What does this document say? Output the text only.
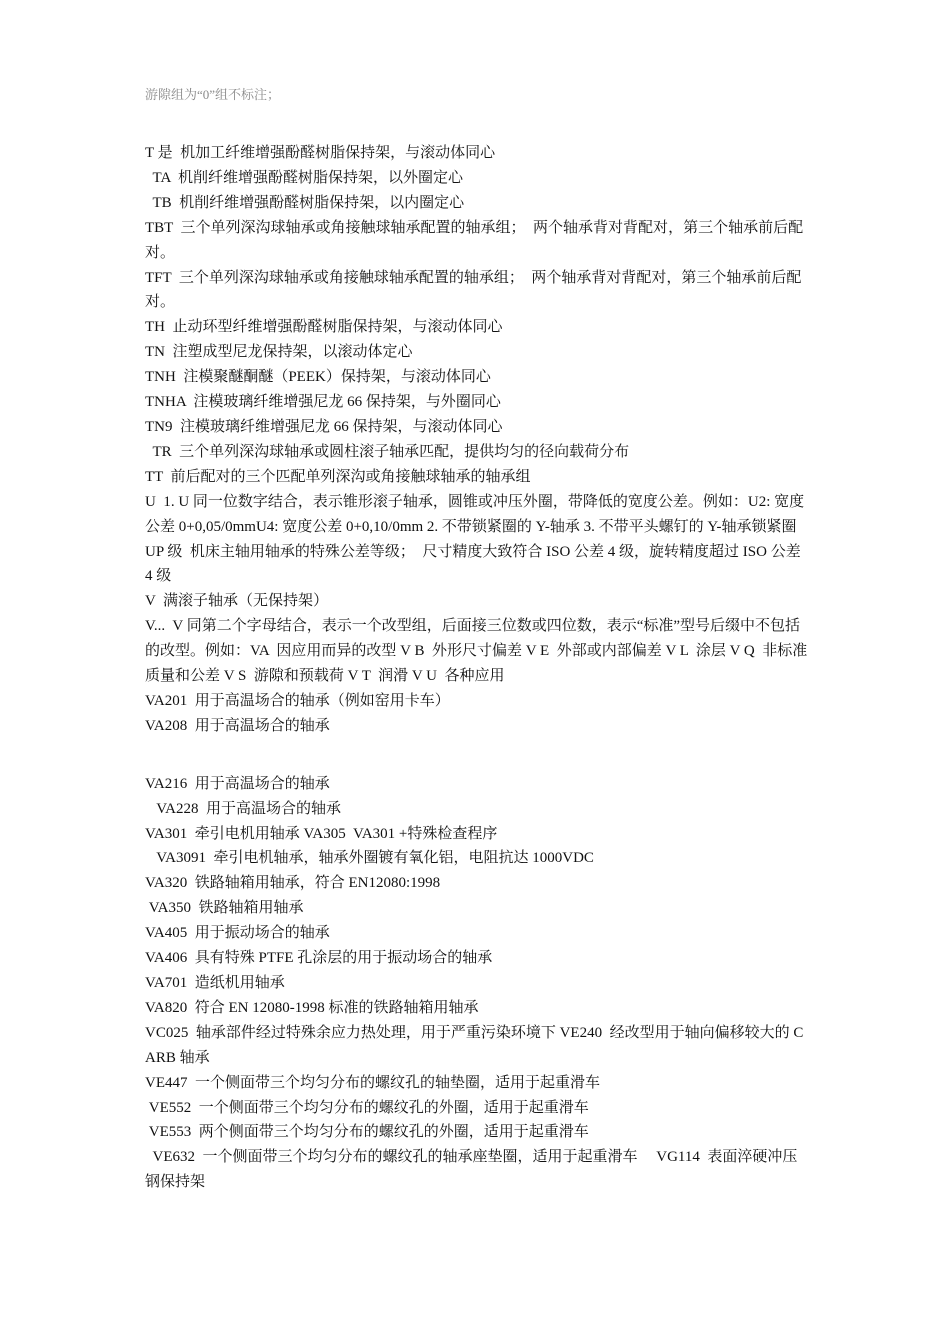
游隙组为“0”组不标注；

T 是  机加工纤维增强酚醛树脂保持架，与滚动体同心

TA  机削纤维增强酚醛树脂保持架，以外圈定心

TB  机削纤维增强酚醛树脂保持架，以内圈定心

TBT  三个单列深沟球轴承或角接触球轴承配置的轴承组；  两个轴承背对背配对，第三个轴承前后配对。

TFT  三个单列深沟球轴承或角接触球轴承配置的轴承组；  两个轴承背对背配对，第三个轴承前后配对。

TH  止动环型纤维增强酚醛树脂保持架，与滚动体同心

TN  注塑成型尼龙保持架，以滚动体定心

TNH  注模聚醚酮醚（PEEK）保持架，与滚动体同心

TNHA  注模玻璃纤维增强尼龙 66 保持架，与外圈同心

TN9  注模玻璃纤维增强尼龙 66 保持架，与滚动体同心

TR  三个单列深沟球轴承或圆柱滚子轴承匹配，提供均匀的径向载荷分布

TT  前后配对的三个匹配单列深沟或角接触球轴承的轴承组

U  1. U 同一位数字结合，表示锥形滚子轴承，圆锥或冲压外圈，带降低的宽度公差。例如：U2: 宽度公差 0+0,05/0mmU4: 宽度公差 0+0,10/0mm 2. 不带锁紧圈的 Y-轴承 3. 不带平头螺钉的 Y-轴承锁紧圈

UP 级  机床主轴用轴承的特殊公差等级；  尺寸精度大致符合 ISO 公差 4 级，旋转精度超过 ISO 公差 4 级

V  满滚子轴承（无保持架）

V...  V 同第二个字母结合，表示一个改型组，后面接三位数或四位数，表示“标准”型号后缀中不包括的改型。例如：VA  因应用而异的改型 V B  外形尺寸偏差 V E  外部或内部偏差 V L  涂层 V Q  非标准质量和公差 V S  游隙和预载荷 V T  润滑 V U  各种应用

VA201  用于高温场合的轴承（例如窑用卡车）

VA208  用于高温场合的轴承

VA216  用于高温场合的轴承

VA228  用于高温场合的轴承

VA301  牵引电机用轴承 VA305  VA301 +特殊检查程序

VA3091  牵引电机轴承，轴承外圈镀有氧化铝，电阻抗达 1000VDC

VA320  铁路轴箱用轴承，符合 EN12080:1998

VA350  铁路轴箱用轴承

VA405  用于振动场合的轴承

VA406  具有特殊 PTFE 孔涂层的用于振动场合的轴承

VA701  造纸机用轴承

VA820  符合 EN 12080-1998 标准的铁路轴箱用轴承

VC025  轴承部件经过特殊余应力热处理，用于严重污染环境下 VE240  经改型用于轴向偏移较大的 CARB 轴承

VE447  一个侧面带三个均匀分布的螺纹孔的轴垫圈，适用于起重滑车

VE552  一个侧面带三个均匀分布的螺纹孔的外圈，适用于起重滑车

VE553  两个侧面带三个均匀分布的螺纹孔的外圈，适用于起重滑车

VE632  一个侧面带三个均匀分布的螺纹孔的轴承座垫圈，适用于起重滑车     VG114  表面淬硬冲压钢保持架
